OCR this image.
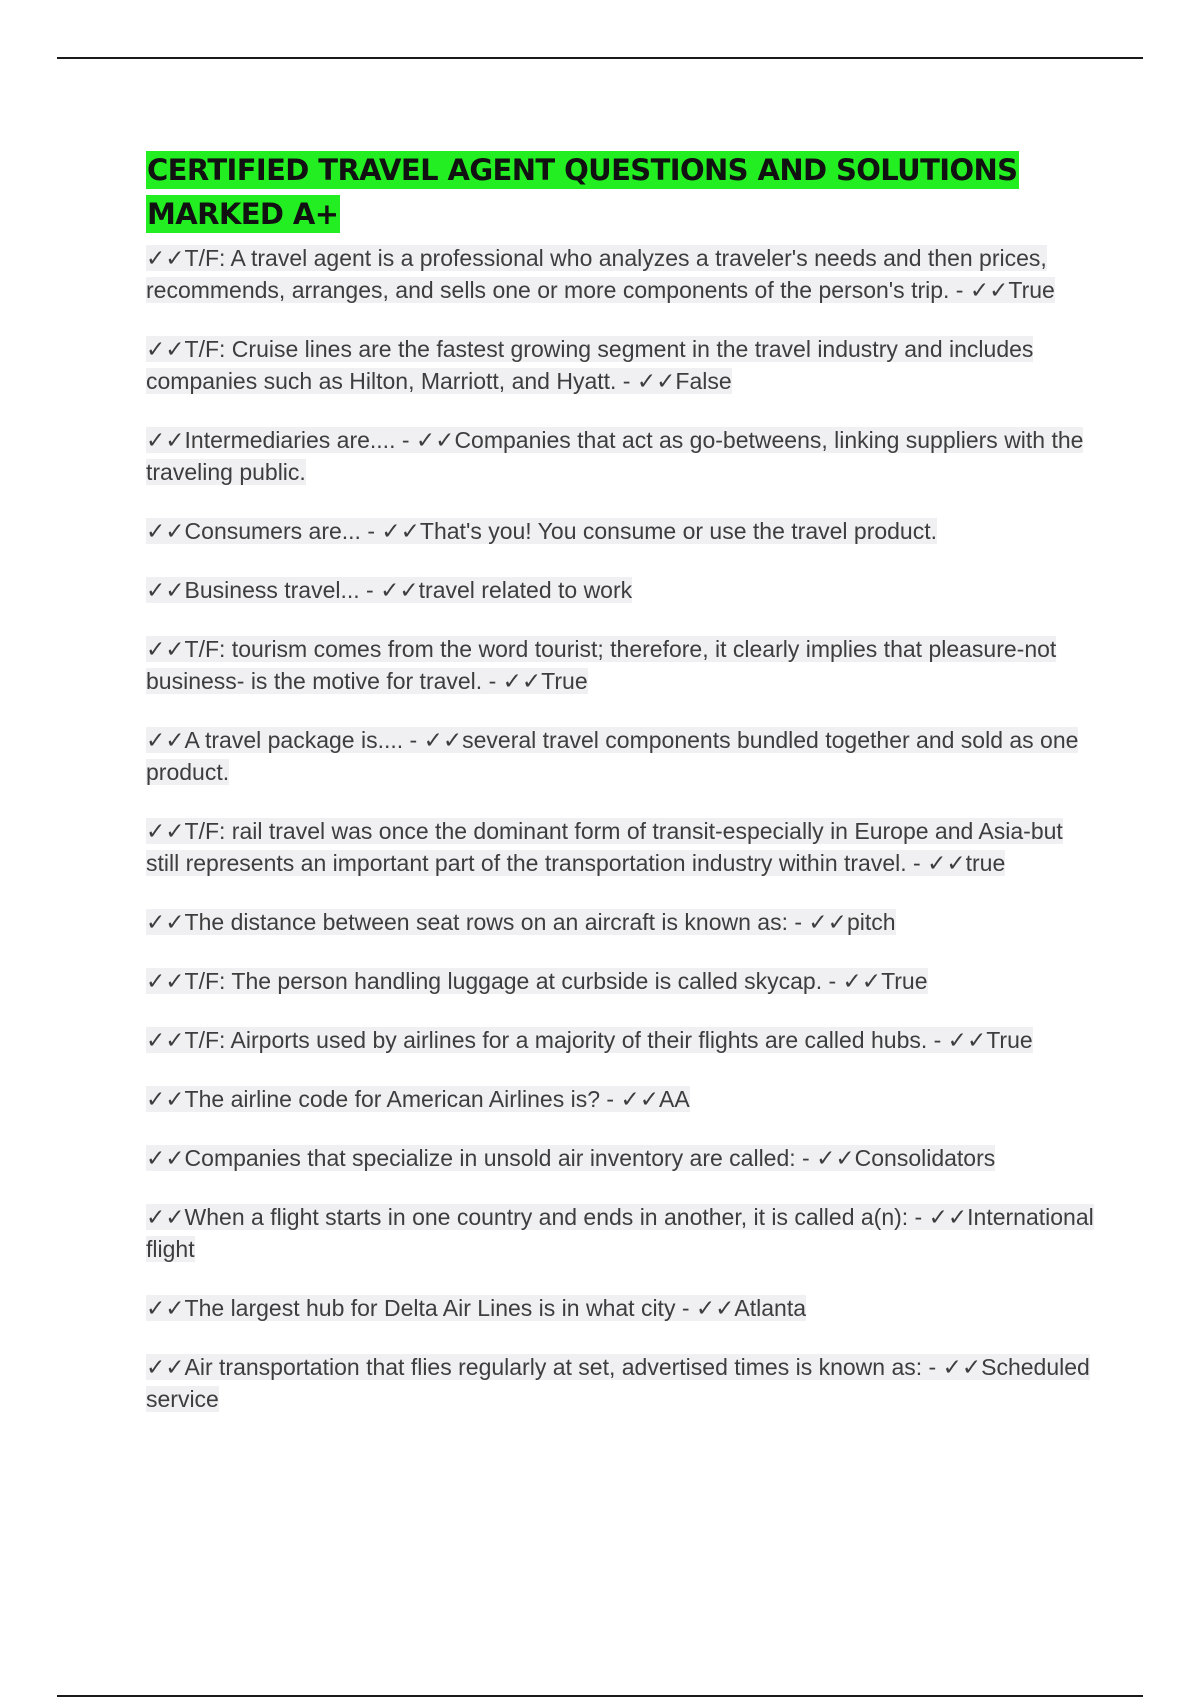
CERTIFIED TRAVEL AGENT QUESTIONS AND SOLUTIONS MARKED A+

✓✓T/F: A travel agent is a professional who analyzes a traveler's needs and then prices, recommends, arranges, and sells one or more components of the person's trip. - ✓✓True

✓✓T/F: Cruise lines are the fastest growing segment in the travel industry and includes companies such as Hilton, Marriott, and Hyatt. - ✓✓False

✓✓Intermediaries are.... - ✓✓Companies that act as go-betweens, linking suppliers with the traveling public.

✓✓Consumers are... - ✓✓That's you! You consume or use the travel product.

✓✓Business travel... - ✓✓travel related to work

✓✓T/F: tourism comes from the word tourist; therefore, it clearly implies that pleasure-not business- is the motive for travel. - ✓✓True

✓✓A travel package is.... - ✓✓several travel components bundled together and sold as one product.

✓✓T/F: rail travel was once the dominant form of transit-especially in Europe and Asia-but still represents an important part of the transportation industry within travel. - ✓✓true

✓✓The distance between seat rows on an aircraft is known as: - ✓✓pitch

✓✓T/F: The person handling luggage at curbside is called skycap. - ✓✓True

✓✓T/F: Airports used by airlines for a majority of their flights are called hubs. - ✓✓True

✓✓The airline code for American Airlines is? - ✓✓AA

✓✓Companies that specialize in unsold air inventory are called: - ✓✓Consolidators

✓✓When a flight starts in one country and ends in another, it is called a(n): - ✓✓International flight

✓✓The largest hub for Delta Air Lines is in what city - ✓✓Atlanta

✓✓Air transportation that flies regularly at set, advertised times is known as: - ✓✓Scheduled service
